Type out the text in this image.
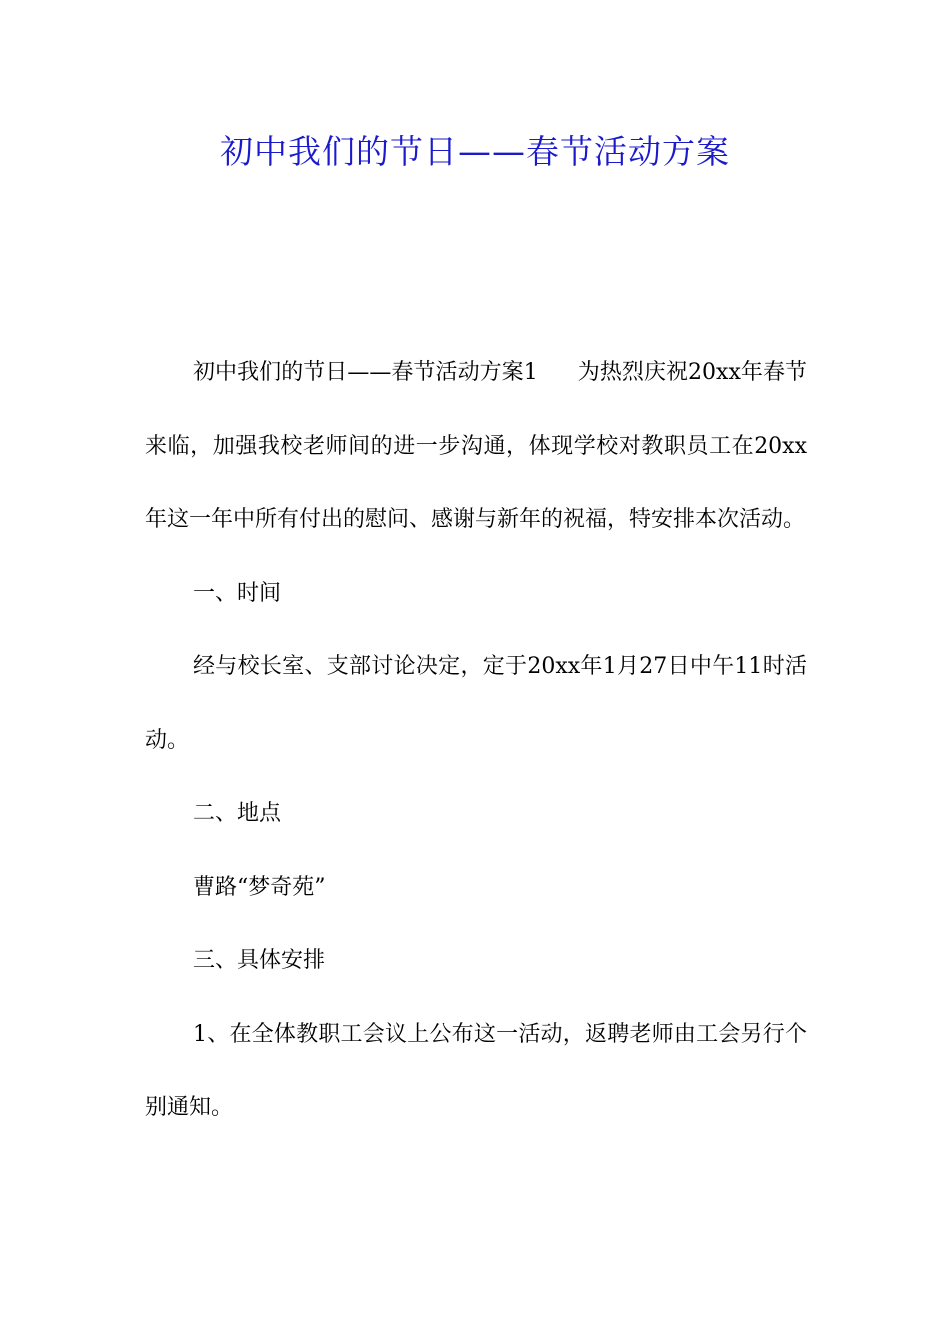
初中我们的节日——春节活动方案

初中我们的节日——春节活动方案1 为热烈庆祝20xx年春节来临，加强我校老师间的进一步沟通，体现学校对教职员工在20xx年这一年中所有付出的慰问、感谢与新年的祝福，特安排本次活动。

一、时间

经与校长室、支部讨论决定，定于20xx年1月27日中午11时活动。

二、地点

曹路“梦奇苑”

三、具体安排

1、在全体教职工会议上公布这一活动，返聘老师由工会另行个别通知。
